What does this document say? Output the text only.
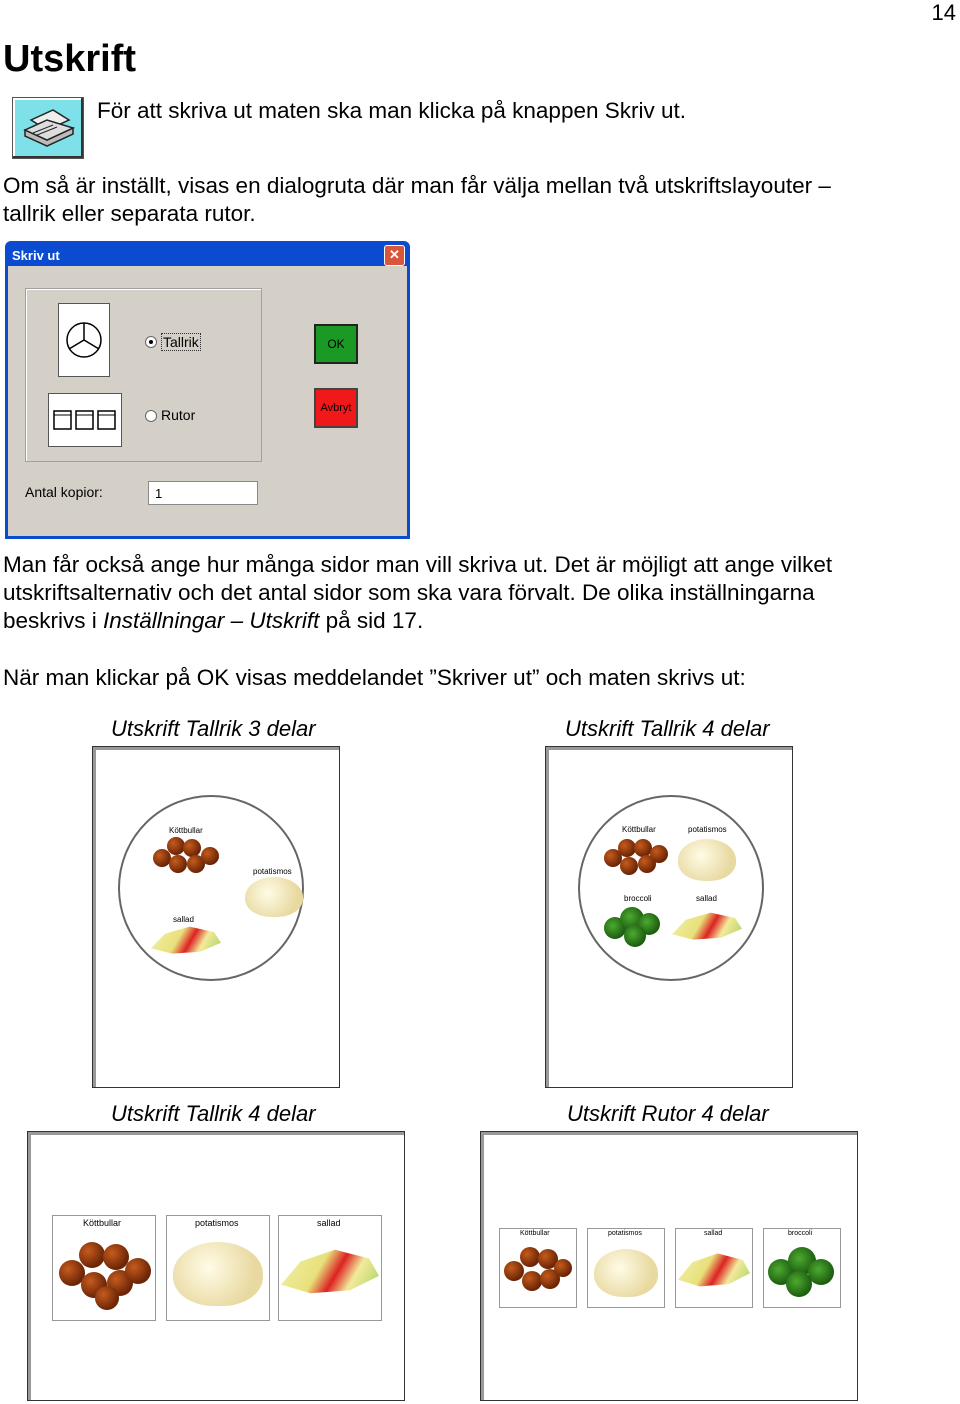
14
Utskrift
För att skriva ut maten ska man klicka på knappen Skriv ut.
Om så är inställt, visas en dialogruta där man får välja mellan två utskriftslayouter –
tallrik eller separata rutor.
Skriv ut	✕
Tallrik
Rutor
OK
Avbryt
Antal kopior:	1
Man får också ange hur många sidor man vill skriva ut. Det är möjligt att ange vilket
utskriftsalternativ och det antal sidor som ska vara förvalt. De olika inställningarna
beskrivs i Inställningar – Utskrift på sid 17.
När man klickar på OK visas meddelandet ”Skriver ut” och maten skrivs ut:
Utskrift Tallrik 3 delar	Utskrift Tallrik 4 delar
Utskrift Tallrik 4 delar	Utskrift Rutor 4 delar
Köttbullar
potatismos
sallad
Köttbullar	potatismos
broccoli	sallad
Köttbullar	potatismos	sallad
Köttbullar	potatismos	sallad	broccoli
